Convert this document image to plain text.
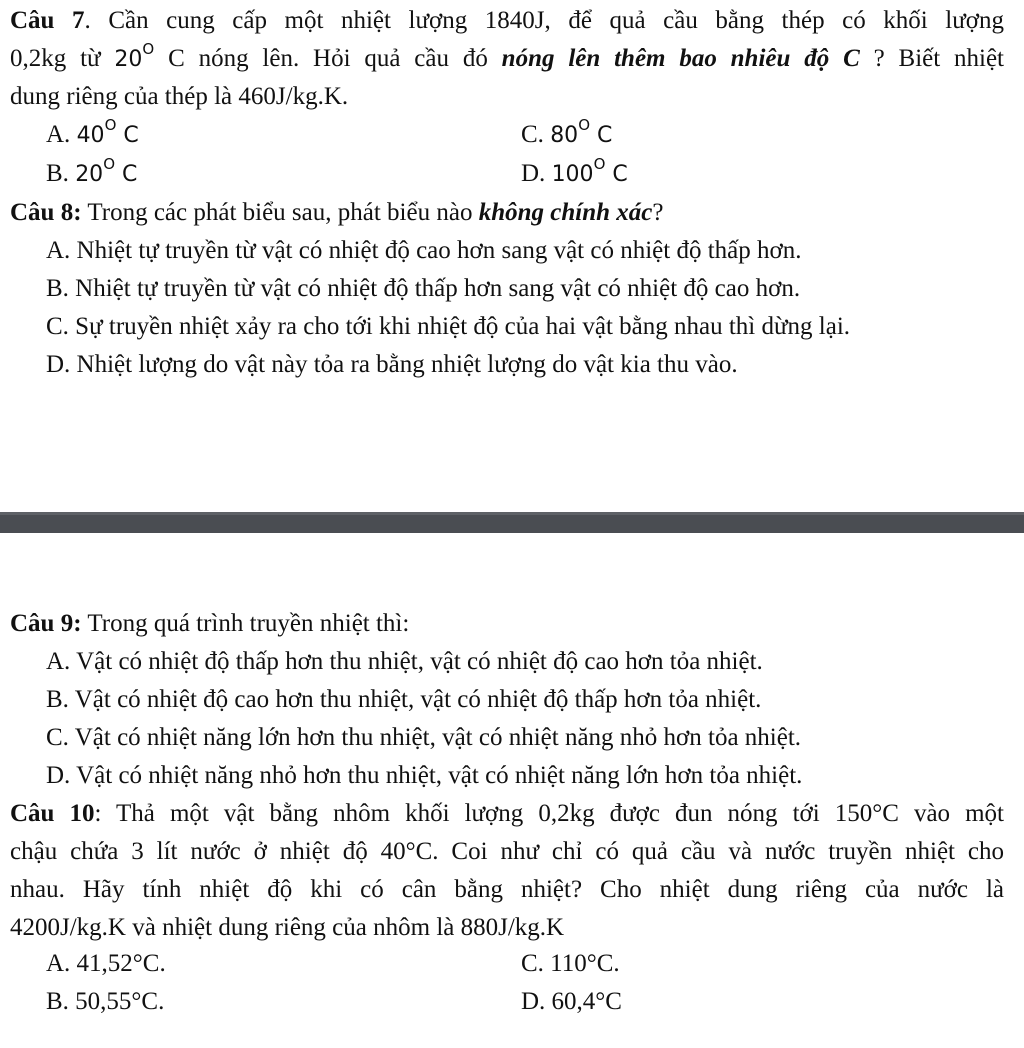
Câu 7. Cần cung cấp một nhiệt lượng 1840J, để quả cầu bằng thép có khối lượng
0,2kg từ $20^O$ C nóng lên. Hỏi quả cầu đó nóng lên thêm bao nhiêu độ C ? Biết nhiệt
dung riêng của thép là 460J/kg.K.
A. $40^O$ C
B. $20^O$ C
C. $80^O$ C
D. $100^O$ C
Câu 8: Trong các phát biểu sau, phát biểu nào không chính xác?
A. Nhiệt tự truyền từ vật có nhiệt độ cao hơn sang vật có nhiệt độ thấp hơn.
B. Nhiệt tự truyền từ vật có nhiệt độ thấp hơn sang vật có nhiệt độ cao hơn.
C. Sự truyền nhiệt xảy ra cho tới khi nhiệt độ của hai vật bằng nhau thì dừng lại.
D. Nhiệt lượng do vật này tỏa ra bằng nhiệt lượng do vật kia thu vào.
Câu 9: Trong quá trình truyền nhiệt thì:
A. Vật có nhiệt độ thấp hơn thu nhiệt, vật có nhiệt độ cao hơn tỏa nhiệt.
B. Vật có nhiệt độ cao hơn thu nhiệt, vật có nhiệt độ thấp hơn tỏa nhiệt.
C. Vật có nhiệt năng lớn hơn thu nhiệt, vật có nhiệt năng nhỏ hơn tỏa nhiệt.
D. Vật có nhiệt năng nhỏ hơn thu nhiệt, vật có nhiệt năng lớn hơn tỏa nhiệt.
Câu 10: Thả một vật bằng nhôm khối lượng 0,2kg được đun nóng tới 150°C vào một
chậu chứa 3 lít nước ở nhiệt độ 40°C. Coi như chỉ có quả cầu và nước truyền nhiệt cho
nhau. Hãy tính nhiệt độ khi có cân bằng nhiệt? Cho nhiệt dung riêng của nước là
4200J/kg.K và nhiệt dung riêng của nhôm là 880J/kg.K
A. 41,52°C.
B. 50,55°C.
C. 110°C.
D. 60,4°C
